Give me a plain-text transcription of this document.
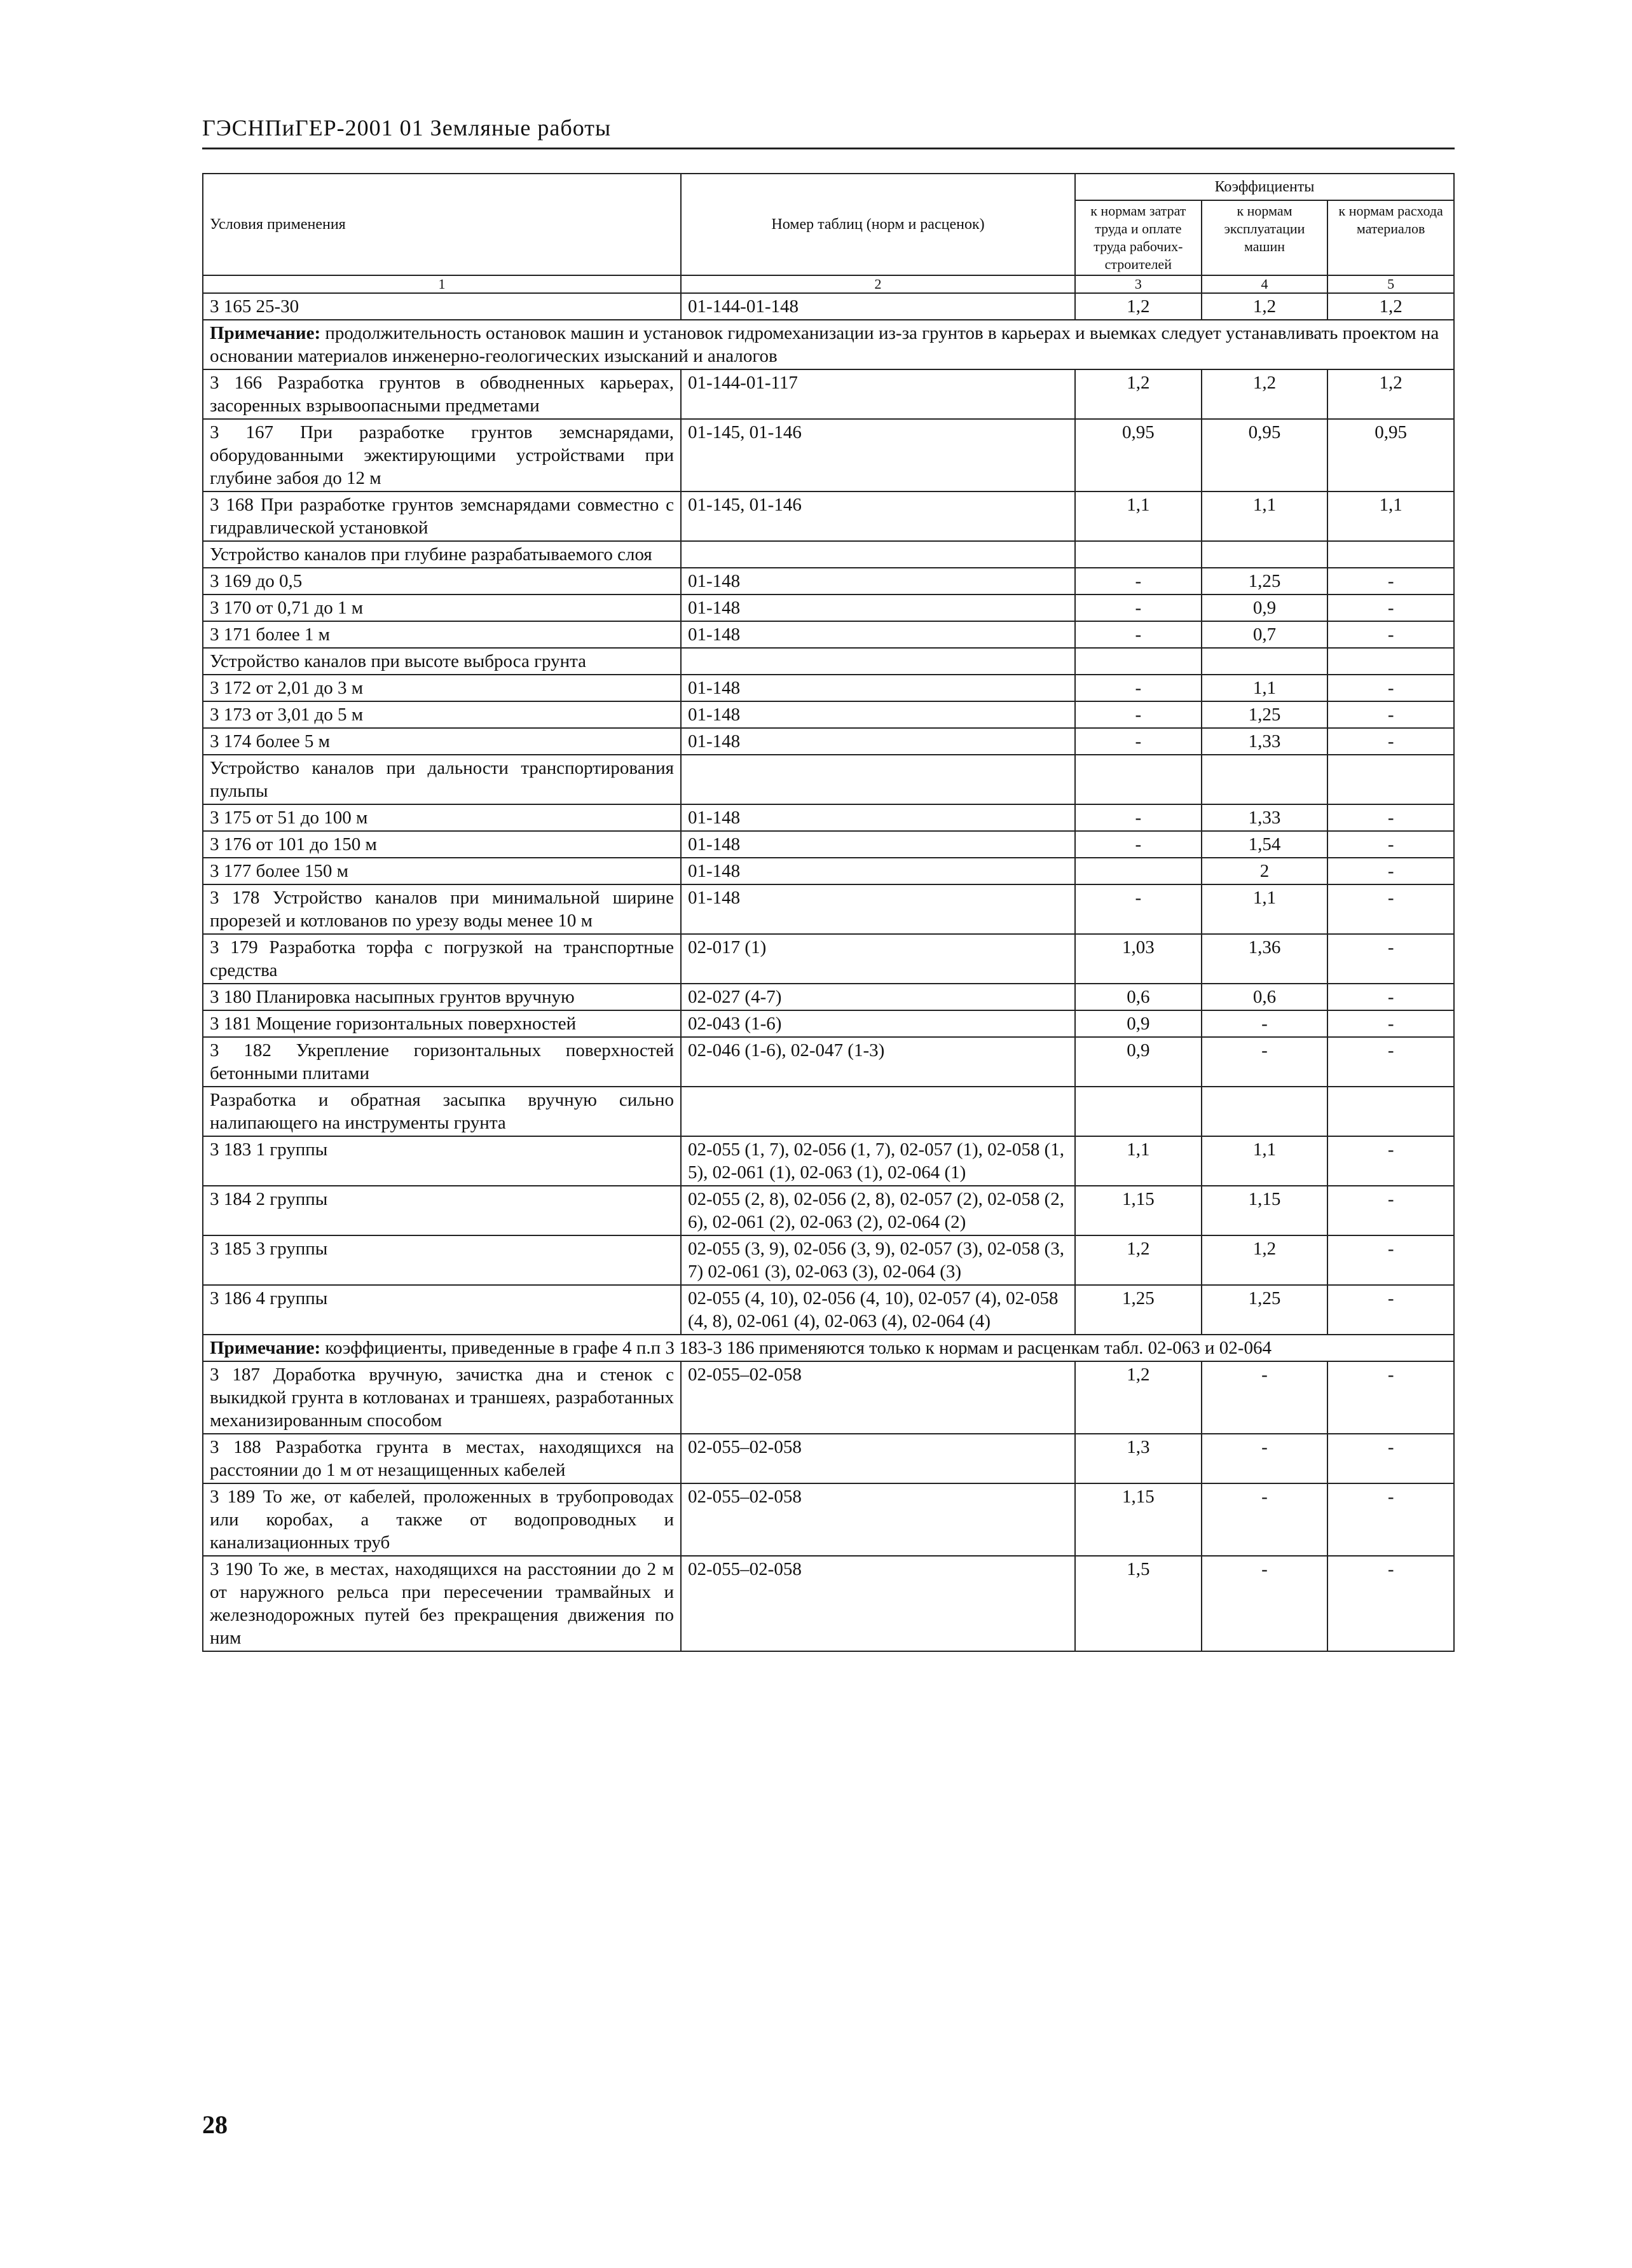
ГЭСНПиГЕР-2001 01 Земляные работы
Условия применения	Номер таблиц (норм и расценок)	Коэффициенты		
		к нормам затрат труда и оплате труда рабочих-строителей	к нормам эксплуатации машин	к нормам расхода материалов
1	2	3	4	5
3 165 25-30	01-144-01-148	1,2	1,2	1,2
Примечание: продолжительность остановок машин и установок гидромеханизации из-за грунтов в карьерах и выемках следует устанавливать проектом на основании материалов инженерно-геологических изысканий и аналогов				
3 166 Разработка грунтов в обводненных карьерах, засоренных взрывоопасными предметами	01-144-01-117	1,2	1,2	1,2
3 167 При разработке грунтов земснарядами, оборудованными эжектирующими устройствами при глубине забоя до 12 м	01-145, 01-146	0,95	0,95	0,95
3 168 При разработке грунтов земснарядами совместно с гидравлической установкой	01-145, 01-146	1,1	1,1	1,1
Устройство каналов при глубине разрабатываемого слоя				
3 169 до 0,5	01-148	-	1,25	-
3 170 от 0,71 до 1 м	01-148	-	0,9	-
3 171 более 1 м	01-148	-	0,7	-
Устройство каналов при высоте выброса грунта				
3 172 от 2,01 до 3 м	01-148	-	1,1	-
3 173 от 3,01 до 5 м	01-148	-	1,25	-
3 174 более 5 м	01-148	-	1,33	-
Устройство каналов при дальности транспортирования пульпы				
3 175 от 51 до 100 м	01-148	-	1,33	-
3 176 от 101 до 150 м	01-148	-	1,54	-
3 177 более 150 м	01-148		2	-
3 178 Устройство каналов при минимальной ширине прорезей и котлованов по урезу воды менее 10 м	01-148	-	1,1	-
3 179 Разработка торфа с погрузкой на транспортные средства	02-017 (1)	1,03	1,36	-
3 180 Планировка насыпных грунтов вручную	02-027 (4-7)	0,6	0,6	-
3 181 Мощение горизонтальных поверхностей	02-043 (1-6)	0,9	-	-
3 182 Укрепление горизонтальных поверхностей бетонными плитами	02-046 (1-6), 02-047 (1-3)	0,9	-	-
Разработка и обратная засыпка вручную сильно налипающего на инструменты грунта				
3 183 1 группы	02-055 (1, 7), 02-056 (1, 7), 02-057 (1), 02-058 (1, 5), 02-061 (1), 02-063 (1), 02-064 (1)	1,1	1,1	-
3 184 2 группы	02-055 (2, 8), 02-056 (2, 8), 02-057 (2), 02-058 (2, 6), 02-061 (2), 02-063 (2), 02-064 (2)	1,15	1,15	-
3 185 3 группы	02-055 (3, 9), 02-056 (3, 9), 02-057 (3), 02-058 (3, 7) 02-061 (3), 02-063 (3), 02-064 (3)	1,2	1,2	-
3 186 4 группы	02-055 (4, 10), 02-056 (4, 10), 02-057 (4), 02-058 (4, 8), 02-061 (4), 02-063 (4), 02-064 (4)	1,25	1,25	-
Примечание: коэффициенты, приведенные в графе 4 п.п 3 183-3 186 применяются только к нормам и расценкам табл. 02-063 и 02-064				
3 187 Доработка вручную, зачистка дна и стенок с выкидкой грунта в котлованах и траншеях, разработанных механизированным способом	02-055–02-058	1,2	-	-
3 188 Разработка грунта в местах, находящихся на расстоянии до 1 м от незащищенных кабелей	02-055–02-058	1,3	-	-
3 189 То же, от кабелей, проложенных в трубопроводах или коробах, а также от водопроводных и канализационных труб	02-055–02-058	1,15	-	-
3 190 То же, в местах, находящихся на расстоянии до 2 м от наружного рельса при пересечении трамвайных и железнодорожных путей без прекращения движения по ним	02-055–02-058	1,5	-	-
28
